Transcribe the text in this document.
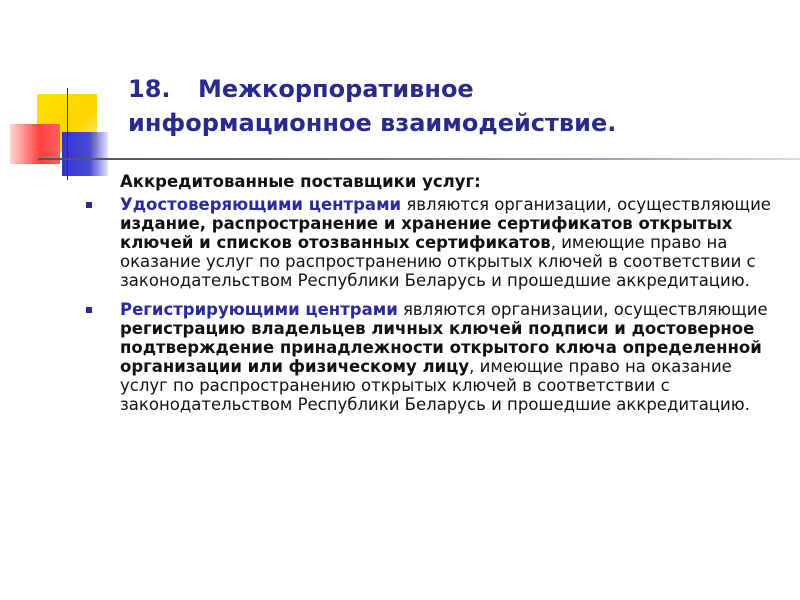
18. Межкорпоративное
информационное взаимодействие.
Аккредитованные поставщики услуг:
Удостоверяющими центрами являются организации, осуществляющие издание, распространение и хранение сертификатов открытых ключей и списков отозванных сертификатов, имеющие право на оказание услуг по распространению открытых ключей в соответствии с законодательством Республики Беларусь и прошедшие аккредитацию.
Регистрирующими центрами являются организации, осуществляющие регистрацию владельцев личных ключей подписи и достоверное подтверждение принадлежности открытого ключа определенной организации или физическому лицу, имеющие право на оказание услуг по распространению открытых ключей в соответствии с законодательством Республики Беларусь и прошедшие аккредитацию.
